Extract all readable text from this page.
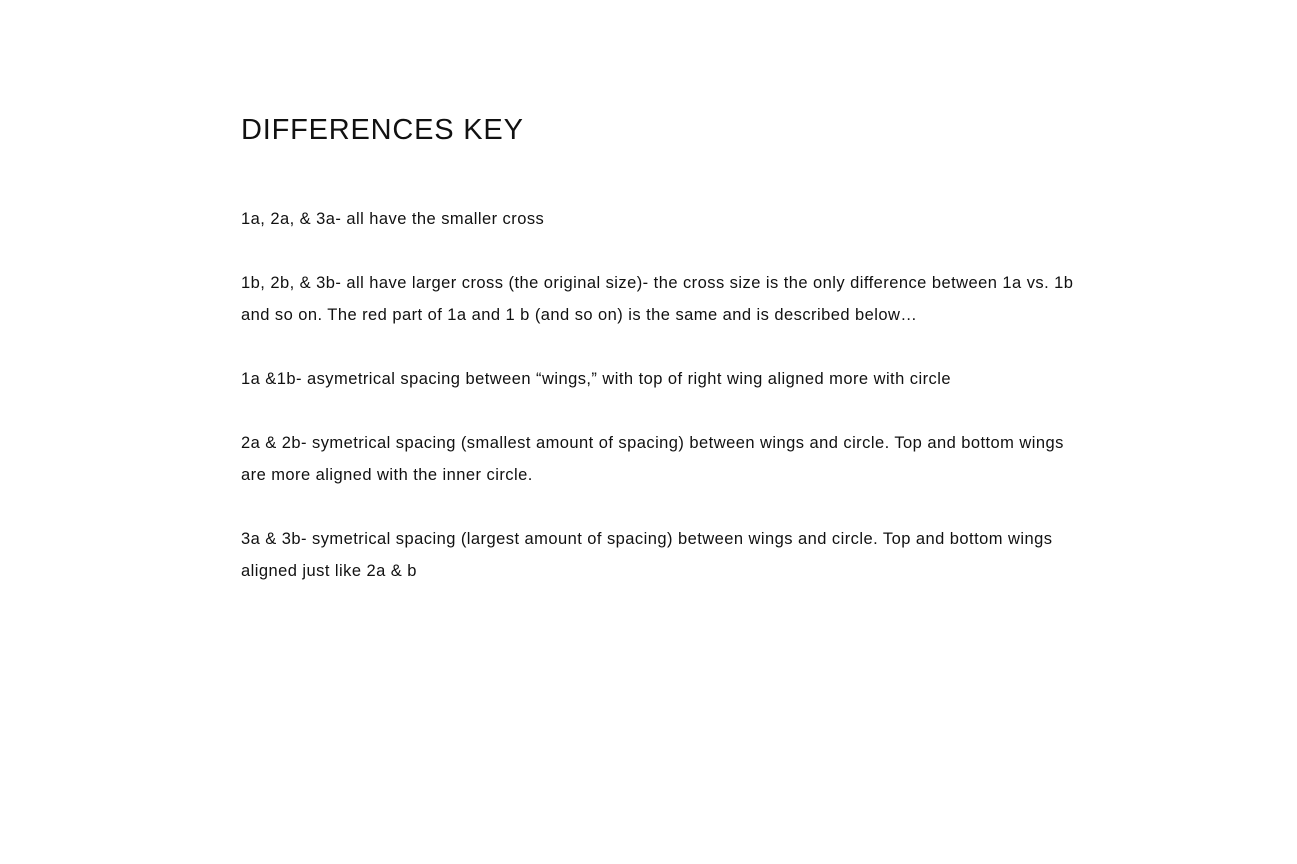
DIFFERENCES KEY

1a, 2a, & 3a- all have the smaller cross

1b, 2b, & 3b- all have larger cross (the original size)- the cross size is the only difference between 1a vs. 1b and so on. The red part of 1a and 1 b (and so on) is the same and is described below…

1a &1b- asymetrical spacing between “wings,” with top of right wing aligned more with circle

2a & 2b- symetrical spacing (smallest amount of spacing) between wings and circle. Top and bottom wings are more aligned with the inner circle.

3a & 3b- symetrical spacing (largest amount of spacing) between wings and circle. Top and bottom wings aligned just like 2a & b
